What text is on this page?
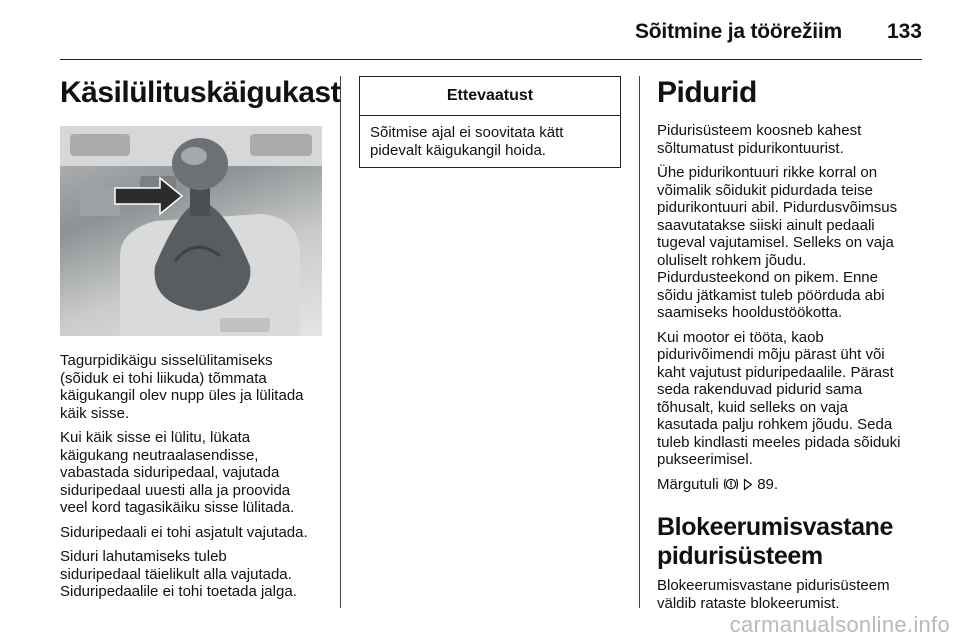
Sõitmine ja töörežiim 133
Käsilülituskäigukast

Tagurpidikäigu sisselülitamiseks
(sõiduk ei tohi liikuda) tõmmata
käigukangil olev nupp üles ja lülitada
käik sisse.

Kui käik sisse ei lülitu, lükata
käigukang neutraalasendisse,
vabastada siduripedaal, vajutada
siduripedaal uuesti alla ja proovida
veel kord tagasikäiku sisse lülitada.

Siduripedaali ei tohi asjatult vajutada.

Siduri lahutamiseks tuleb
siduripedaal täielikult alla vajutada.
Siduripedaalile ei tohi toetada jalga.

Ettevaatust
Sõitmise ajal ei soovitata kätt
pidevalt käigukangil hoida.
Pidurid

Pidurisüsteem koosneb kahest
sõltumatust pidurikontuurist.

Ühe pidurikontuuri rikke korral on
võimalik sõidukit pidurdada teise
pidurikontuuri abil. Pidurdusvõimsus
saavutatakse siiski ainult pedaali
tugeval vajutamisel. Selleks on vaja
oluliselt rohkem jõudu.
Pidurdusteekond on pikem. Enne
sõidu jätkamist tuleb pöörduda abi
saamiseks hooldustöökotta.

Kui mootor ei tööta, kaob
pidurivõimendi mõju pärast üht või
kaht vajutust piduripedaalile. Pärast
seda rakenduvad pidurid sama
tõhusalt, kuid selleks on vaja
kasutada palju rohkem jõudu. Seda
tuleb kindlasti meeles pidada sõiduki
pukseerimisel.

Märgutuli	89.

Blokeerumisvastane
pidurisüsteem

Blokeerumisvastane pidurisüsteem
väldib rataste blokeerumist.

carmanualsonline.info
